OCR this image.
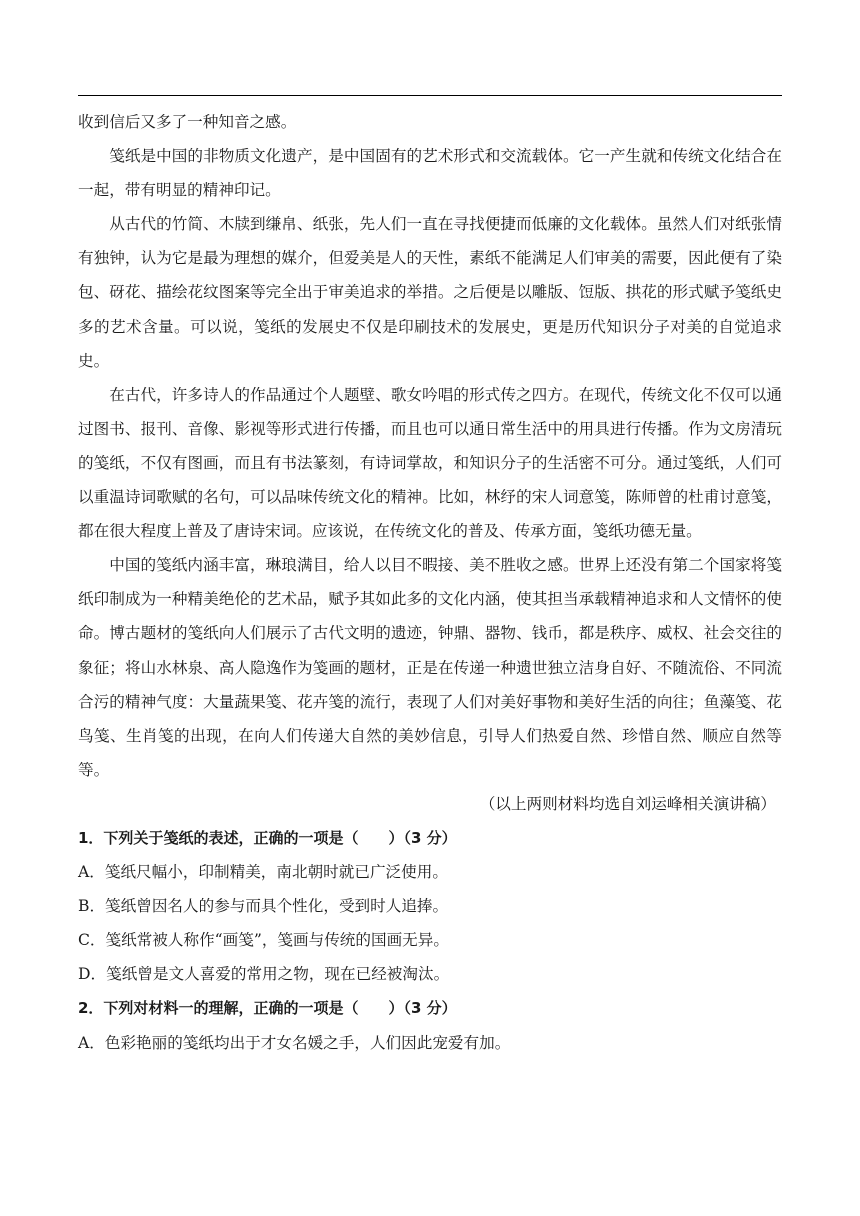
收到信后又多了一种知音之感。

笺纸是中国的非物质文化遗产，是中国固有的艺术形式和交流载体。它一产生就和传统文化结合在一起，带有明显的精神印记。

从古代的竹简、木牍到缣帛、纸张，先人们一直在寻找便捷而低廉的文化载体。虽然人们对纸张情有独钟，认为它是最为理想的媒介，但爱美是人的天性，素纸不能满足人们审美的需要，因此便有了染包、砑花、描绘花纹图案等完全出于审美追求的举措。之后便是以雕版、饾版、拱花的形式赋予笺纸史多的艺术含量。可以说，笺纸的发展史不仅是印刷技术的发展史，更是历代知识分子对美的自觉追求史。

在古代，许多诗人的作品通过个人题壁、歌女吟唱的形式传之四方。在现代，传统文化不仅可以通过图书、报刊、音像、影视等形式进行传播，而且也可以通日常生活中的用具进行传播。作为文房清玩的笺纸，不仅有图画，而且有书法篆刻，有诗词掌故，和知识分子的生活密不可分。通过笺纸，人们可以重温诗词歌赋的名句，可以品味传统文化的精神。比如，林纾的宋人词意笺，陈师曾的杜甫讨意笺，都在很大程度上普及了唐诗宋词。应该说，在传统文化的普及、传承方面，笺纸功德无量。

中国的笺纸内涵丰富，琳琅满目，给人以目不暇接、美不胜收之感。世界上还没有第二个国家将笺纸印制成为一种精美绝伦的艺术品，赋予其如此多的文化内涵，使其担当承载精神追求和人文情怀的使命。博古题材的笺纸向人们展示了古代文明的遗迹，钟鼎、器物、钱币，都是秩序、威权、社会交往的象征；将山水林泉、高人隐逸作为笺画的题材，正是在传递一种遗世独立洁身自好、不随流俗、不同流合污的精神气度：大量蔬果笺、花卉笺的流行，表现了人们对美好事物和美好生活的向往；鱼藻笺、花鸟笺、生肖笺的出现，在向人们传递大自然的美妙信息，引导人们热爱自然、珍惜自然、顺应自然等等。

（以上两则材料均选自刘运峰相关演讲稿）

1．下列关于笺纸的表述，正确的一项是（　　）（3 分）

A．笺纸尺幅小，印制精美，南北朝时就已广泛使用。

B．笺纸曾因名人的参与而具个性化，受到时人追捧。

C．笺纸常被人称作“画笺”，笺画与传统的国画无异。

D．笺纸曾是文人喜爱的常用之物，现在已经被淘汰。

2．下列对材料一的理解，正确的一项是（　　）（3 分）

A．色彩艳丽的笺纸均出于才女名媛之手，人们因此宠爱有加。
